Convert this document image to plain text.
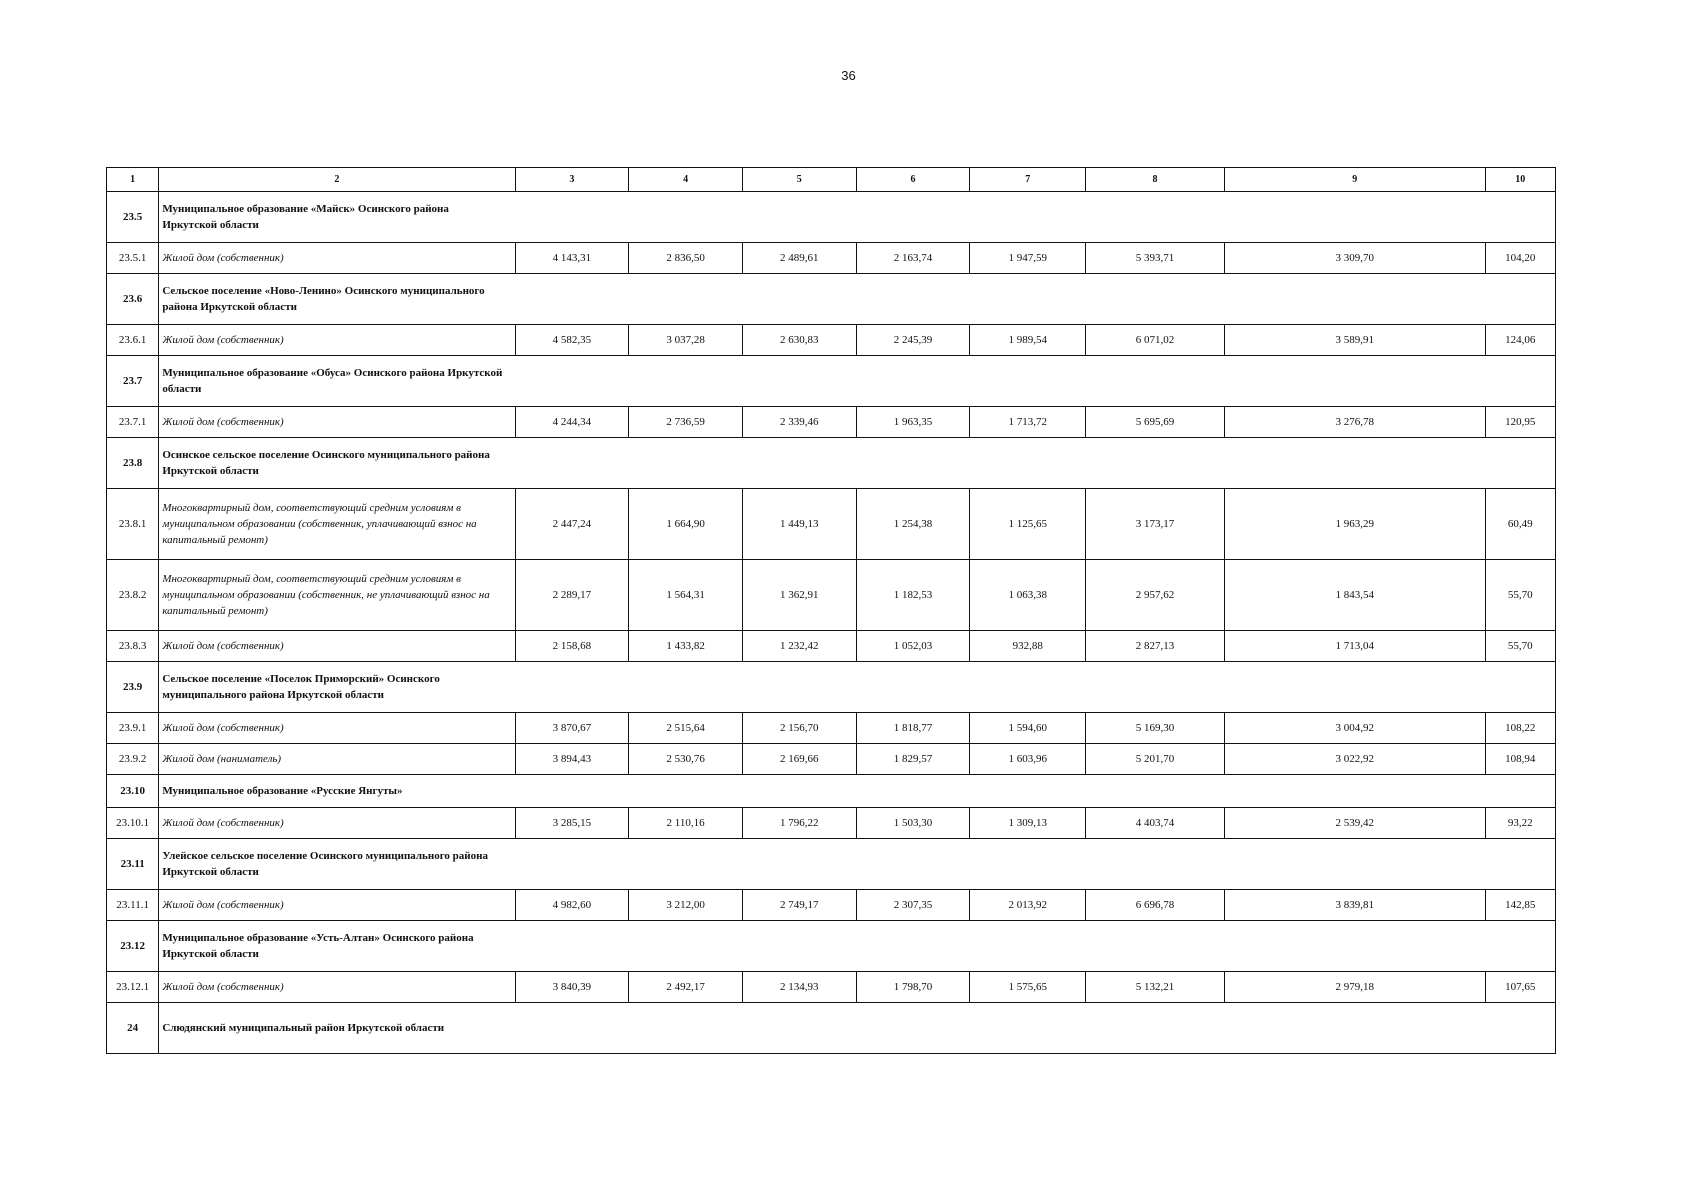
36
1	2	3	4	5	6	7	8	9	10
23.5	Муниципальное образование «Майск» Осинского района Иркутской области								

23.5.1	Жилой дом (собственник)	4 143,31	2 836,50	2 489,61	2 163,74	1 947,59	5 393,71	3 309,70	104,20
23.6	Сельское поселение «Ново-Ленино» Осинского муниципального района Иркутской области								

23.6.1	Жилой дом (собственник)	4 582,35	3 037,28	2 630,83	2 245,39	1 989,54	6 071,02	3 589,91	124,06
23.7	Муниципальное образование «Обуса» Осинского района Иркутской области								

23.7.1	Жилой дом (собственник)	4 244,34	2 736,59	2 339,46	1 963,35	1 713,72	5 695,69	3 276,78	120,95
23.8	Осинское сельское поселение Осинского муниципального района Иркутской области								

23.8.1	Многоквартирный дом, соответствующий средним условиям в муниципальном образовании (собственник, уплачивающий взнос на капитальный ремонт)	2 447,24	1 664,90	1 449,13	1 254,38	1 125,65	3 173,17	1 963,29	60,49
23.8.2	Многоквартирный дом, соответствующий средним условиям в муниципальном образовании (собственник, не уплачивающий взнос на капитальный ремонт)	2 289,17	1 564,31	1 362,91	1 182,53	1 063,38	2 957,62	1 843,54	55,70
23.8.3	Жилой дом (собственник)	2 158,68	1 433,82	1 232,42	1 052,03	932,88	2 827,13	1 713,04	55,70
23.9	Сельское поселение «Поселок Приморский» Осинского муниципального района Иркутской области								

23.9.1	Жилой дом (собственник)	3 870,67	2 515,64	2 156,70	1 818,77	1 594,60	5 169,30	3 004,92	108,22
23.9.2	Жилой дом (наниматель)	3 894,43	2 530,76	2 169,66	1 829,57	1 603,96	5 201,70	3 022,92	108,94
23.10	Муниципальное образование «Русские Янгуты»								

23.10.1	Жилой дом (собственник)	3 285,15	2 110,16	1 796,22	1 503,30	1 309,13	4 403,74	2 539,42	93,22
23.11	Улейское сельское поселение Осинского муниципального района Иркутской области								

23.11.1	Жилой дом (собственник)	4 982,60	3 212,00	2 749,17	2 307,35	2 013,92	6 696,78	3 839,81	142,85
23.12	Муниципальное образование «Усть-Алтан» Осинского района Иркутской области								

23.12.1	Жилой дом (собственник)	3 840,39	2 492,17	2 134,93	1 798,70	1 575,65	5 132,21	2 979,18	107,65
24	Слюдянский муниципальный район Иркутской области								
